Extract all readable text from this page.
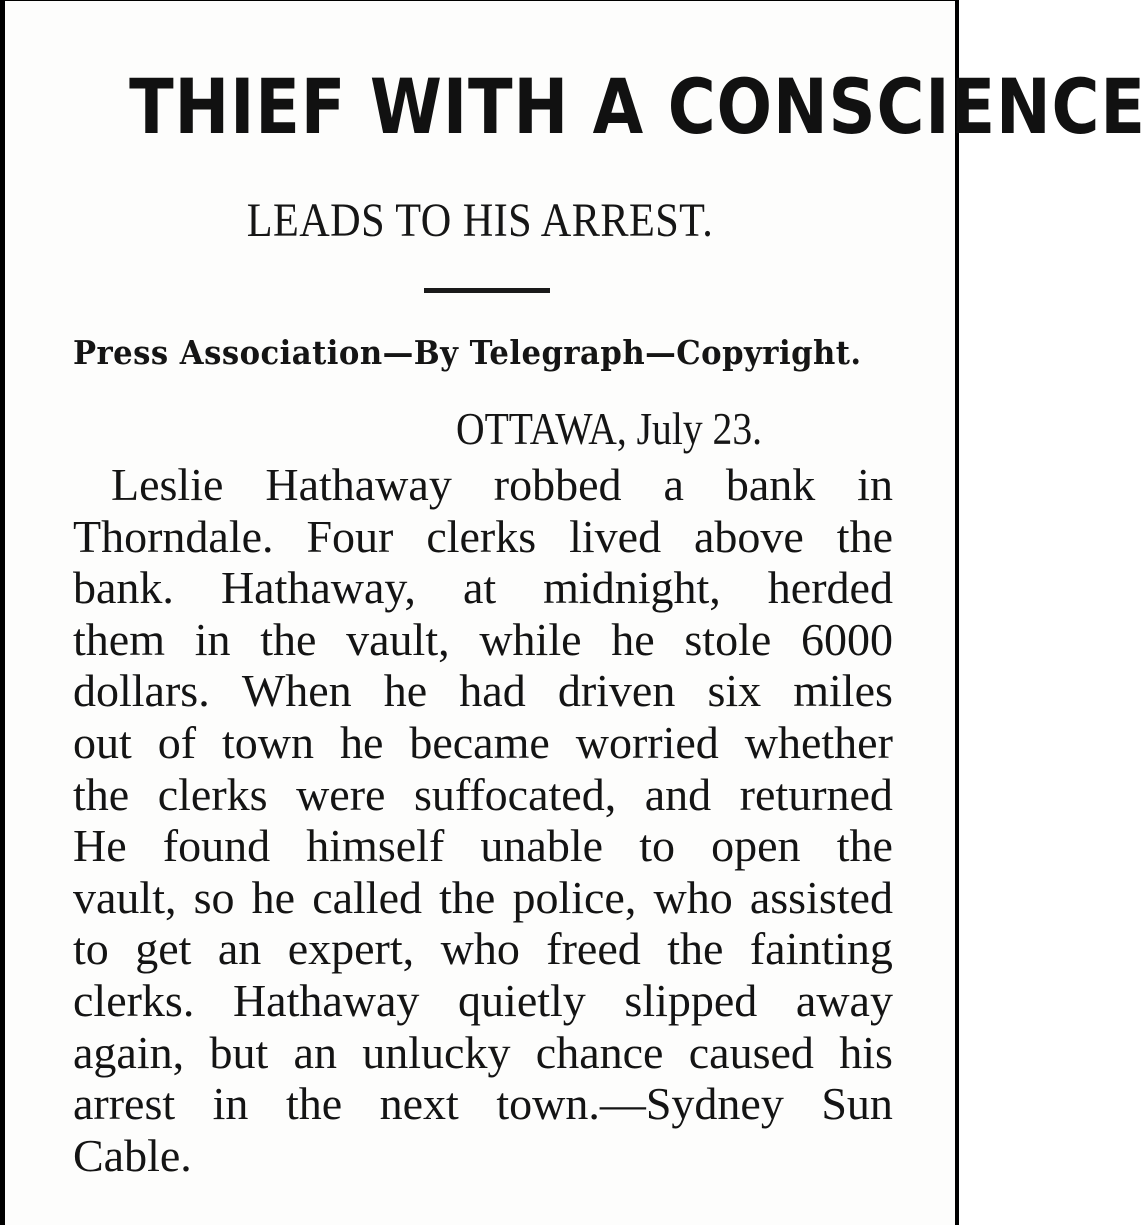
THIEF WITH A CONSCIENCE
LEADS TO HIS ARREST.
Press Association—By Telegraph—Copyright.
OTTAWA, July 23.
Leslie Hathaway robbed a bank in
Thorndale. Four clerks lived above the
bank. Hathaway, at midnight, herded
them in the vault, while he stole 6000
dollars. When he had driven six miles
out of town he became worried whether
the clerks were suffocated, and returned
He found himself unable to open the
vault, so he called the police, who assisted
to get an expert, who freed the fainting
clerks. Hathaway quietly slipped away
again, but an unlucky chance caused his
arrest in the next town.—Sydney Sun
Cable.
